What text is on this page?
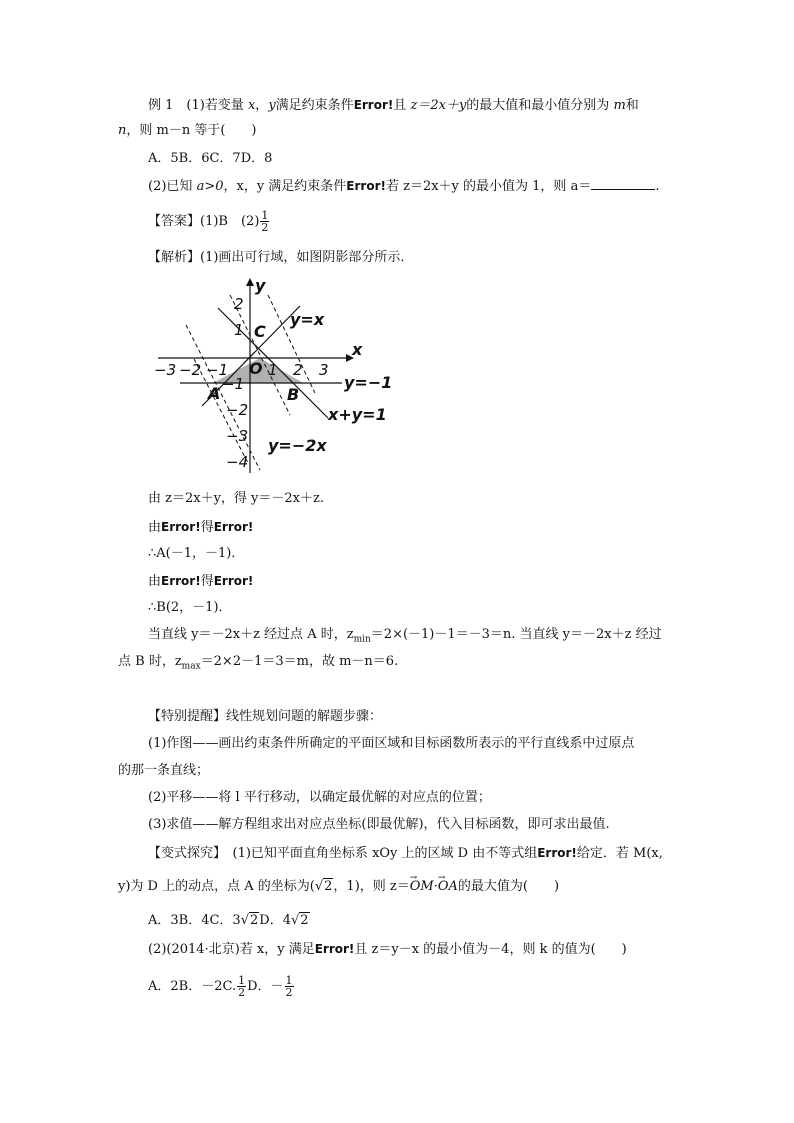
例 1　(1)若变量 x，y满足约束条件Error!且 z＝2x＋y的最大值和最小值分别为 m和
n，则 m－n 等于(　　)
A．5B．6C．7D．8
(2)已知 a>0，x，y 满足约束条件Error!若 z＝2x＋y 的最小值为 1，则 a＝	.
【答案】(1)B　$(2) \frac{1}{2}$
【解析】(1)画出可行域，如图阴影部分所示．
−3 −2 −1	1 2 3
2
1
−1
−2
−3
−4
x
y
O
A	B
C
y=x
y=−1
x+y=1
y=−2x
由 z＝2x＋y，得 y＝－2x＋z.
由Error!得Error!
∴A(－1，－1)．
由Error!得Error!
∴B(2，－1)．
当直线 y＝－2x＋z 经过点 A 时，$z_{min}=2\times(-1)-1=-3=n$. 当直线 y＝－2x＋z 经过
点 B 时，$z_{max}=2\times 2-1=3=m$，故 m－n＝6.
【特别提醒】线性规划问题的解题步骤：
(1)作图——画出约束条件所确定的平面区域和目标函数所表示的平行直线系中过原点
的那一条直线；
(2)平移——将 l 平行移动，以确定最优解的对应点的位置；
(3)求值——解方程组求出对应点坐标(即最优解)，代入目标函数，即可求出最值.
【变式探究】　(1)已知平面直角坐标系 xOy 上的区域 D 由不等式组Error!给定．若 M(x,
y)为 D 上的动点，点 A 的坐标为(√2，1)，则 z＝→ OM·→ OA的最大值为(　　)
A．3B．4C．3√2D．4√2
(2)(2014·北京)若 x，y 满足Error!且 z＝y－x 的最小值为－4，则 k 的值为(　　)
A．2B．－2C. $\frac{1}{2}$ D．－ $\frac{1}{2}$
